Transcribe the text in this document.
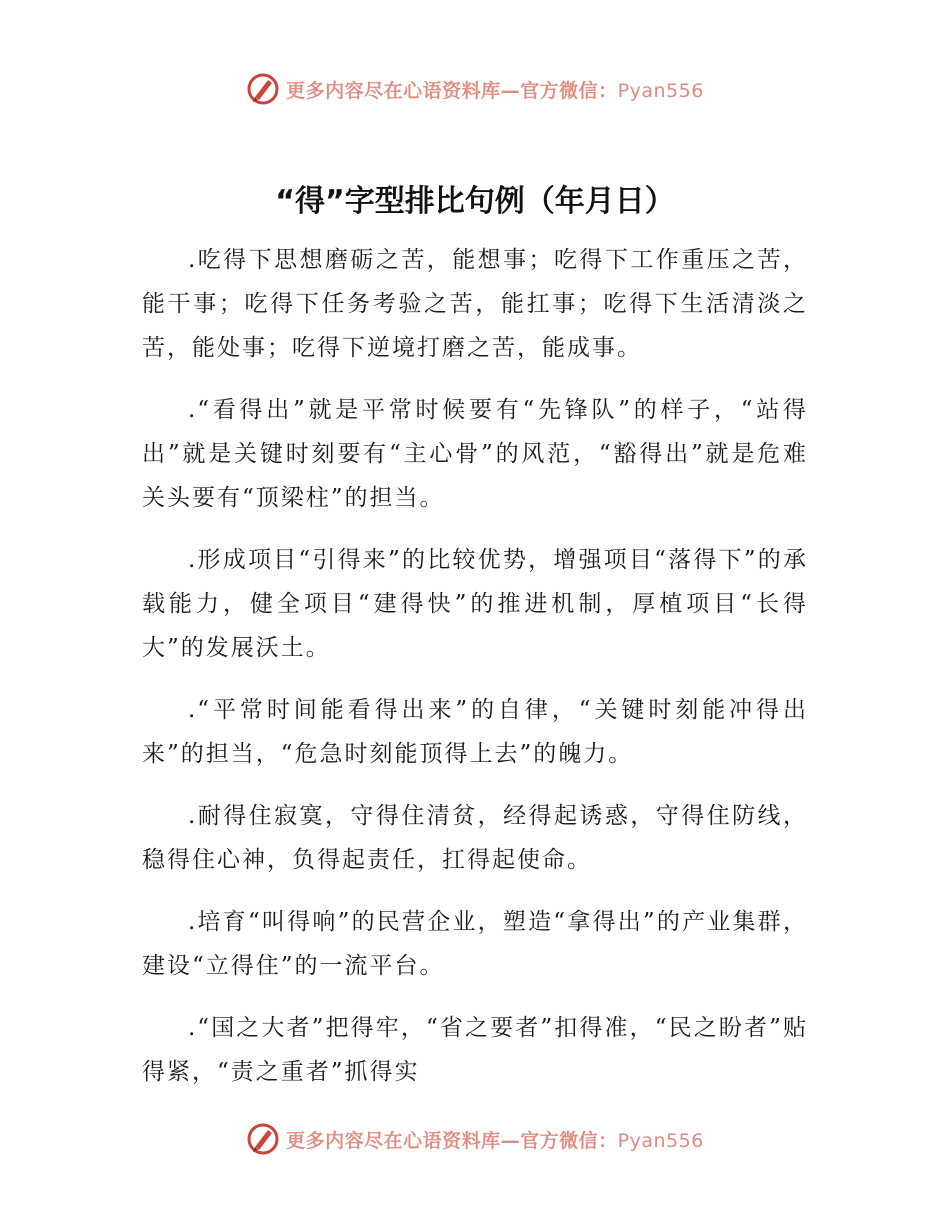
更多内容尽在心语资料库—官方微信：Pyan556
“得”字型排比句例（年月日）

.吃得下思想磨砺之苦，能想事；吃得下工作重压之苦，能干事；吃得下任务考验之苦，能扛事；吃得下生活清淡之苦，能处事；吃得下逆境打磨之苦，能成事。

.“看得出”就是平常时候要有“先锋队”的样子，“站得出”就是关键时刻要有“主心骨”的风范，“豁得出”就是危难关头要有“顶梁柱”的担当。

.形成项目“引得来”的比较优势，增强项目“落得下”的承载能力，健全项目“建得快”的推进机制，厚植项目“长得大”的发展沃土。

.“平常时间能看得出来”的自律，“关键时刻能冲得出来”的担当，“危急时刻能顶得上去”的魄力。

.耐得住寂寞，守得住清贫，经得起诱惑，守得住防线，稳得住心神，负得起责任，扛得起使命。

.培育“叫得响”的民营企业，塑造“拿得出”的产业集群，建设“立得住”的一流平台。

.“国之大者”把得牢，“省之要者”扣得准，“民之盼者”贴得紧，“责之重者”抓得实

更多内容尽在心语资料库—官方微信：Pyan556
